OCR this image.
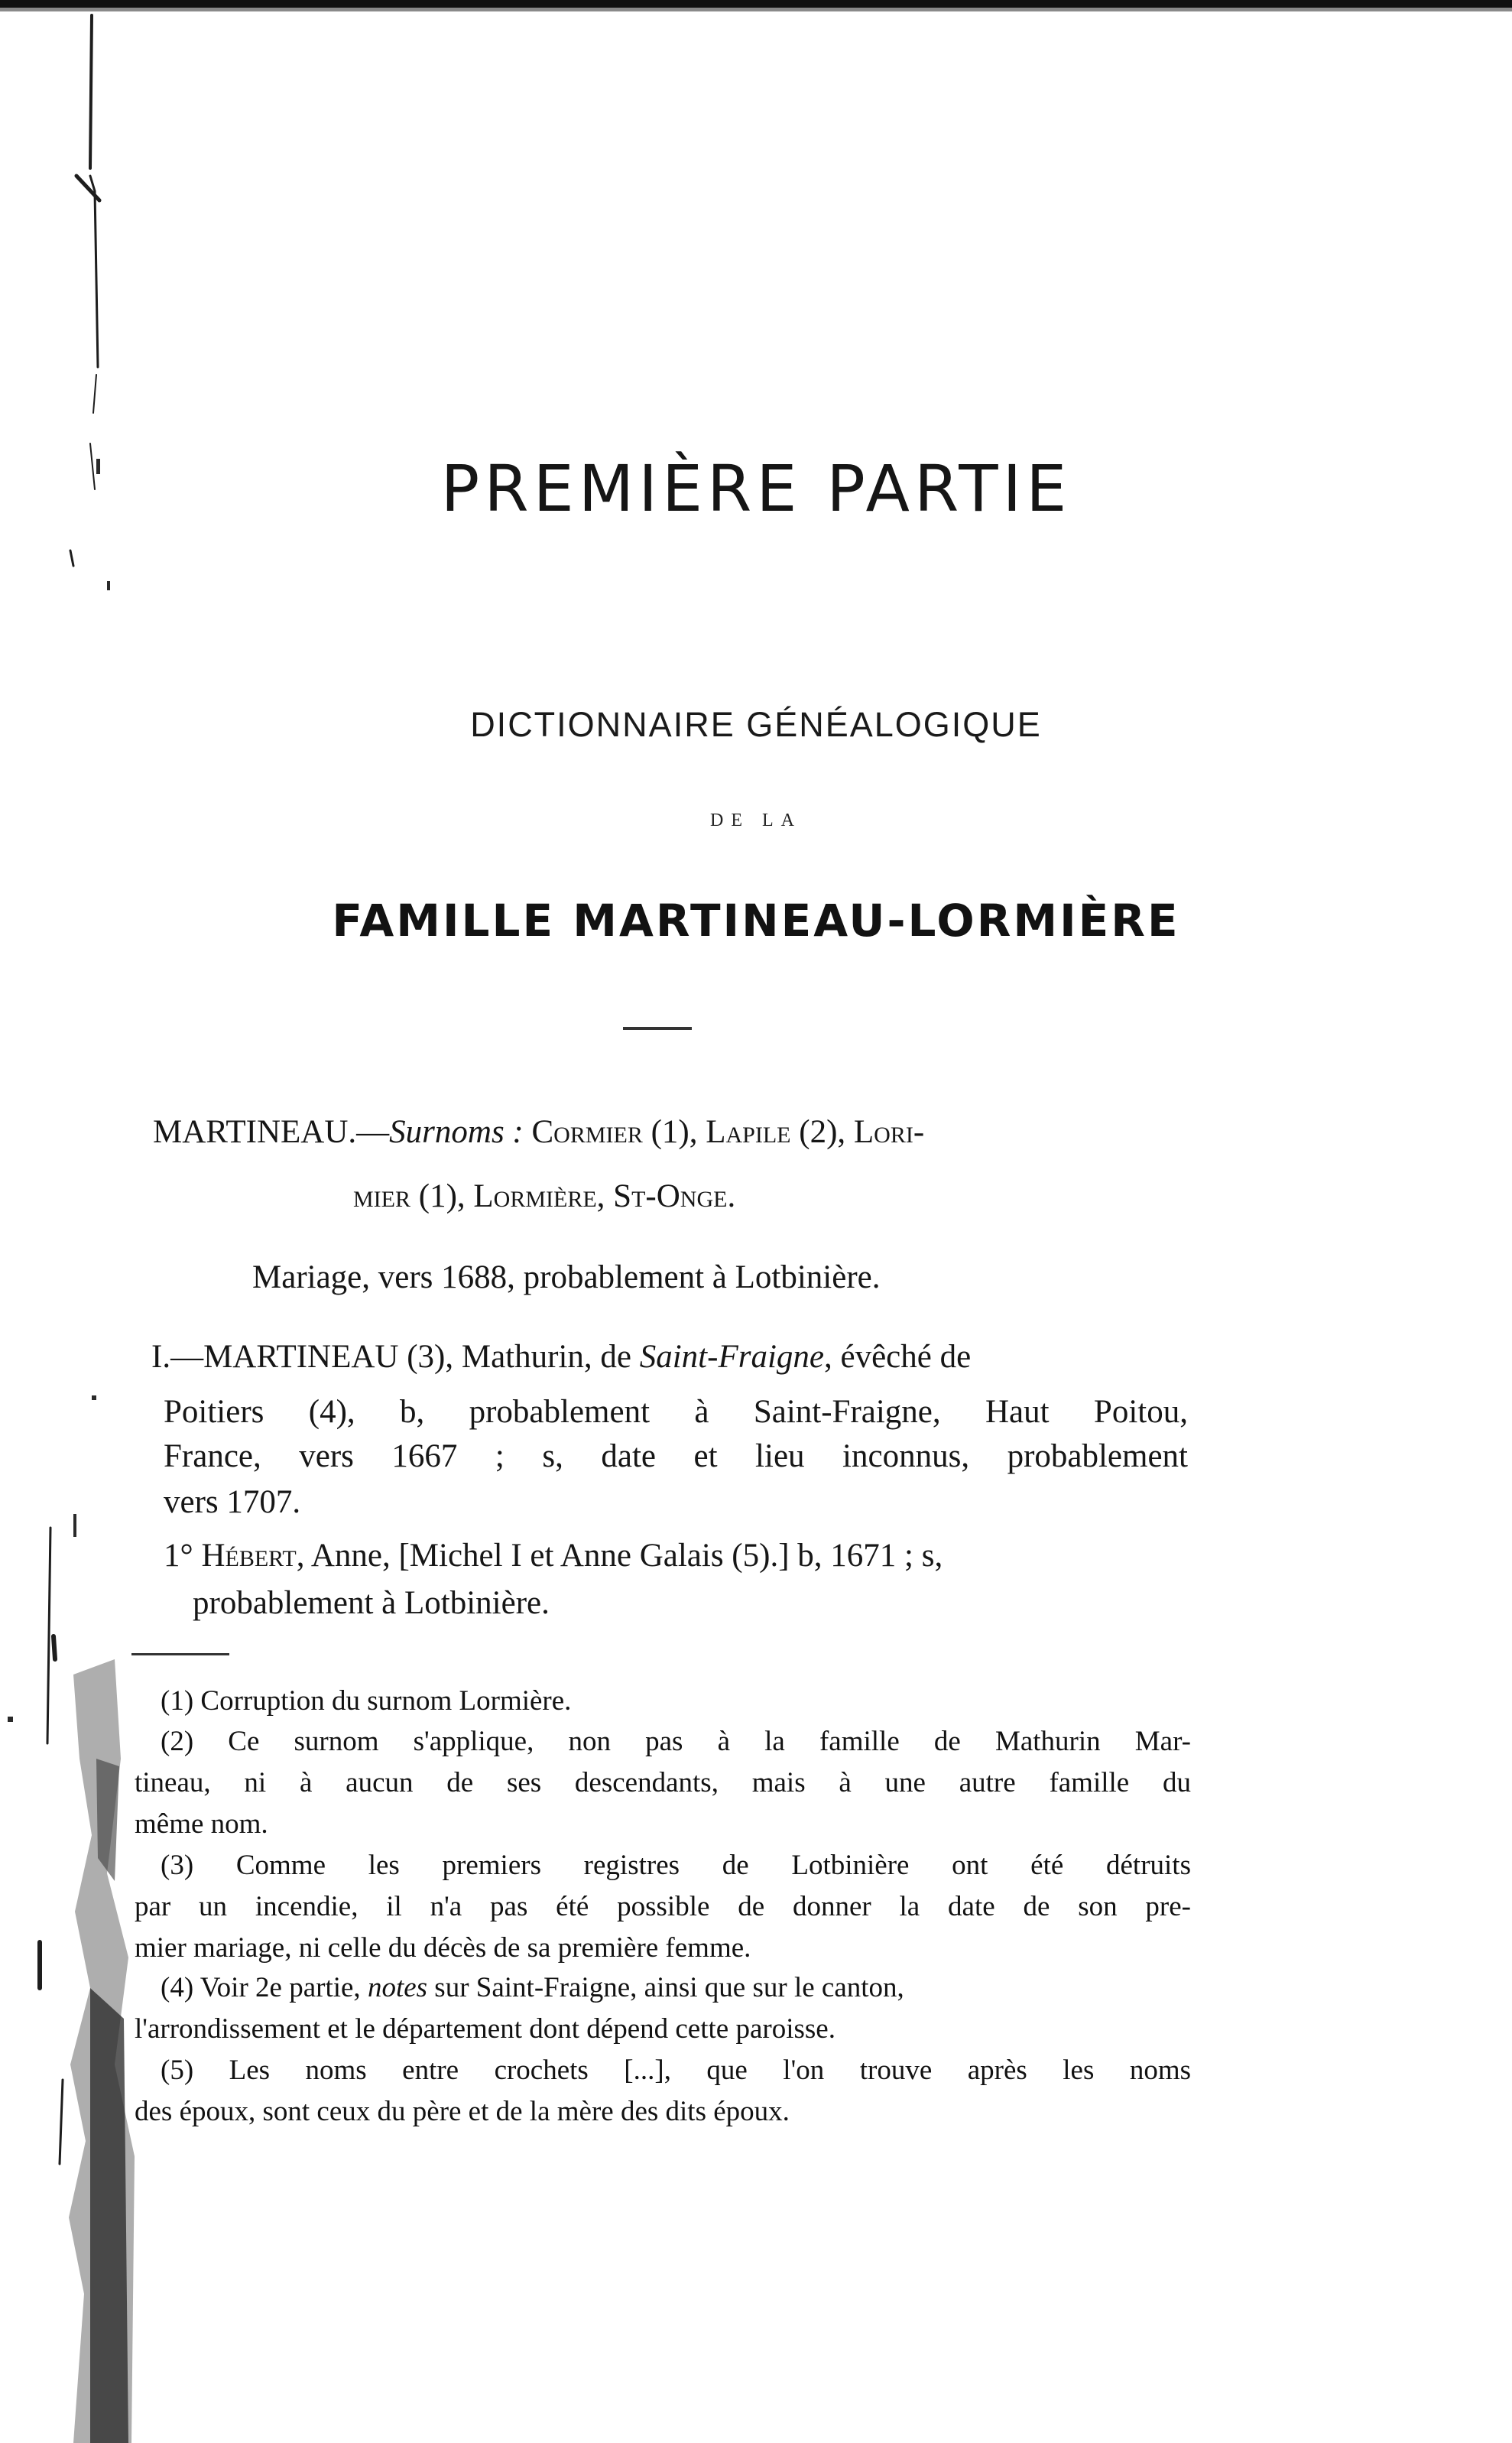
PREMIÈRE PARTIE
DICTIONNAIRE GÉNÉALOGIQUE
DE LA
FAMILLE MARTINEAU-LORMIÈRE
MARTINEAU.—Surnoms : Cormier (1), Lapile (2), Lori-
mier (1), Lormière, St-Onge.
Mariage, vers 1688, probablement à Lotbinière.
I.—MARTINEAU (3), Mathurin, de Saint-Fraigne, évêché de
Poitiers (4), b, probablement à Saint-Fraigne, Haut Poitou,
France, vers 1667 ; s, date et lieu inconnus, probablement
vers 1707.
1° Hébert, Anne, [Michel I et Anne Galais (5).] b, 1671 ; s,
probablement à Lotbinière.
(1) Corruption du surnom Lormière.
(2) Ce surnom s'applique, non pas à la famille de Mathurin Mar-
tineau, ni à aucun de ses descendants, mais à une autre famille du
même nom.
(3) Comme les premiers registres de Lotbinière ont été détruits
par un incendie, il n'a pas été possible de donner la date de son pre-
mier mariage, ni celle du décès de sa première femme.
(4) Voir 2e partie, notes sur Saint-Fraigne, ainsi que sur le canton,
l'arrondissement et le département dont dépend cette paroisse.
(5) Les noms entre crochets [...], que l'on trouve après les noms
des époux, sont ceux du père et de la mère des dits époux.
